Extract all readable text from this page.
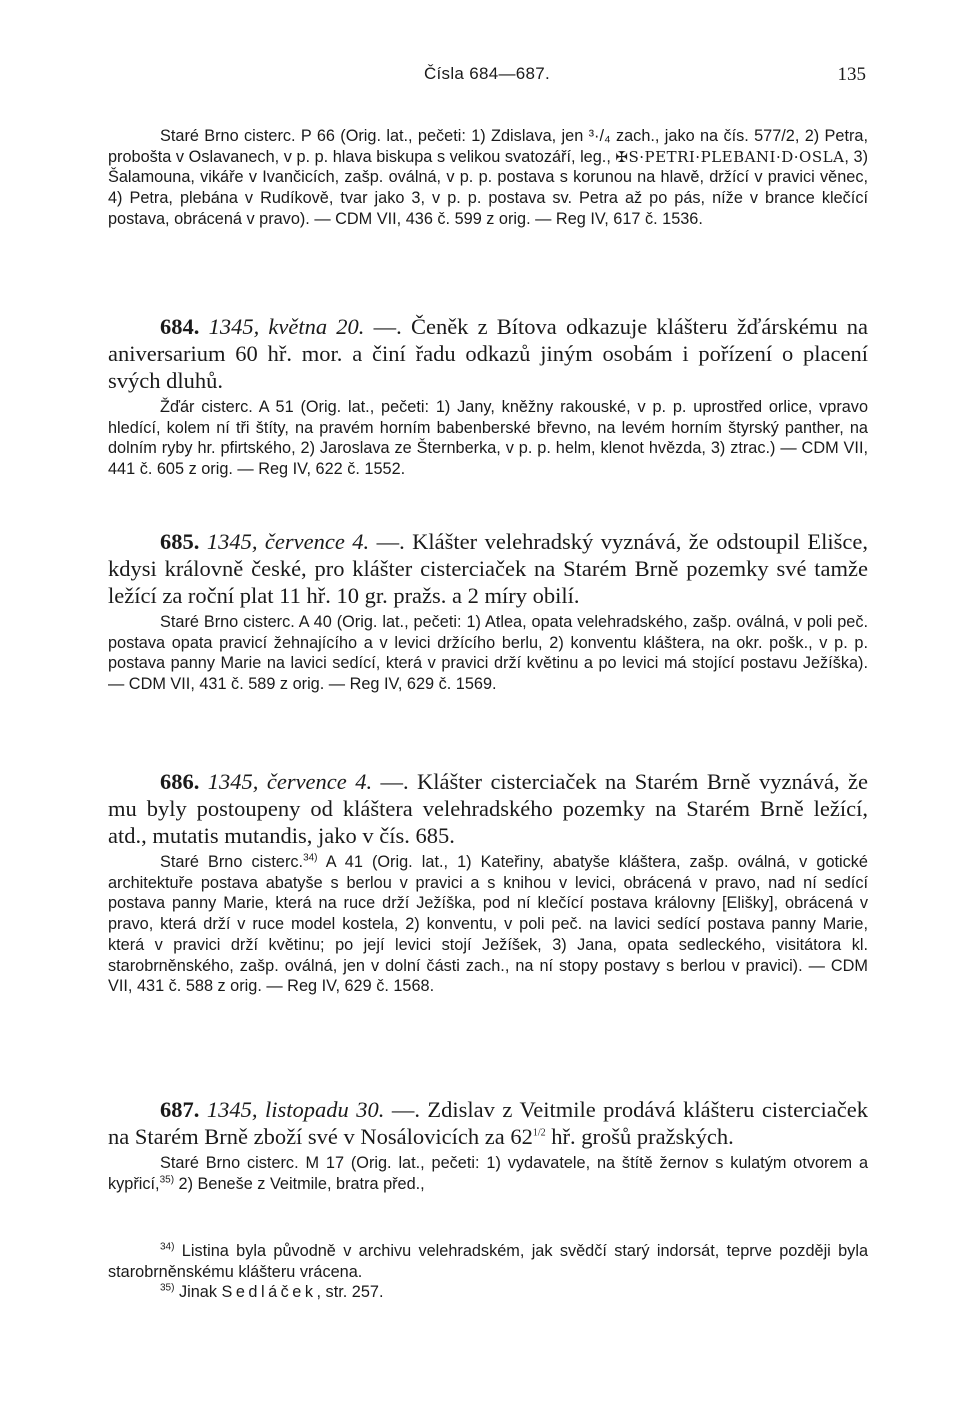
Čísla 684—687.	135

Staré Brno cisterc. P 66 (Orig. lat., pečeti: 1) Zdislava, jen ³·/₄ zach., jako na čís. 577/2, 2) Petra, probošta v Oslavanech, v p. p. hlava biskupa s velikou svatozáří, leg., ✠S·PETRI·PLEBANI·D·OSLA, 3) Šalamouna, vikáře v Ivančicích, zašp. oválná, v p. p. postava s korunou na hlavě, držící v pravici věnec, 4) Petra, plebána v Rudíkově, tvar jako 3, v p. p. postava sv. Petra až po pás, níže v brance klečící postava, obrácená v pravo). — CDM VII, 436 č. 599 z orig. — Reg IV, 617 č. 1536.

684. 1345, května 20. —. Čeněk z Bítova odkazuje klášteru žďárskému na aniversarium 60 hř. mor. a činí řadu odkazů jiným osobám i pořízení o placení svých dluhů.

Žďár cisterc. A 51 (Orig. lat., pečeti: 1) Jany, kněžny rakouské, v p. p. uprostřed orlice, vpravo hledící, kolem ní tři štíty, na pravém horním babenberské břevno, na levém horním štyrský panther, na dolním ryby hr. pfirtského, 2) Jaroslava ze Šternberka, v p. p. helm, klenot hvězda, 3) ztrac.) — CDM VII, 441 č. 605 z orig. — Reg IV, 622 č. 1552.

685. 1345, července 4. —. Klášter velehradský vyznává, že odstoupil Elišce, kdysi královně české, pro klášter cisterciaček na Starém Brně pozemky své tamže ležící za roční plat 11 hř. 10 gr. pražs. a 2 míry obilí.

Staré Brno cisterc. A 40 (Orig. lat., pečeti: 1) Atlea, opata velehradského, zašp. oválná, v poli peč. postava opata pravicí žehnajícího a v levici držícího berlu, 2) konventu kláštera, na okr. pošk., v p. p. postava panny Marie na lavici sedící, která v pravici drží květinu a po levici má stojící postavu Ježíška). — CDM VII, 431 č. 589 z orig. — Reg IV, 629 č. 1569.

686. 1345, července 4. —. Klášter cisterciaček na Starém Brně vyznává, že mu byly postoupeny od kláštera velehradského pozemky na Starém Brně ležící, atd., mutatis mutandis, jako v čís. 685.

Staré Brno cisterc.$^{34)}$ A 41 (Orig. lat., 1) Kateřiny, abatyše kláštera, zašp. oválná, v gotické architektuře postava abatyše s berlou v pravici a s knihou v levici, obrácená v pravo, nad ní sedící postava panny Marie, která na ruce drží Ježíška, pod ní klečící postava královny [Elišky], obrácená v pravo, která drží v ruce model kostela, 2) konventu, v poli peč. na lavici sedící postava panny Marie, která v pravici drží květinu; po její levici stojí Ježíšek, 3) Jana, opata sedleckého, visitátora kl. starobrněnského, zašp. oválná, jen v dolní části zach., na ní stopy postavy s berlou v pravici). — CDM VII, 431 č. 588 z orig. — Reg IV, 629 č. 1568.

687. 1345, listopadu 30. —. Zdislav z Veitmile prodává klášteru cisterciaček na Starém Brně zboží své v Nosálovicích za $62^{1/2}$ hř. grošů pražských.

Staré Brno cisterc. M 17 (Orig. lat., pečeti: 1) vydavatele, na štítě žernov s kulatým otvorem a kypřicí,$^{35)}$ 2) Beneše z Veitmile, bratra před.,

$^{34)}$ Listina byla původně v archivu velehradském, jak svědčí starý indorsát, teprve později byla starobrněnskému klášteru vrácena.

$^{35)}$ Jinak Sedláček, str. 257.
